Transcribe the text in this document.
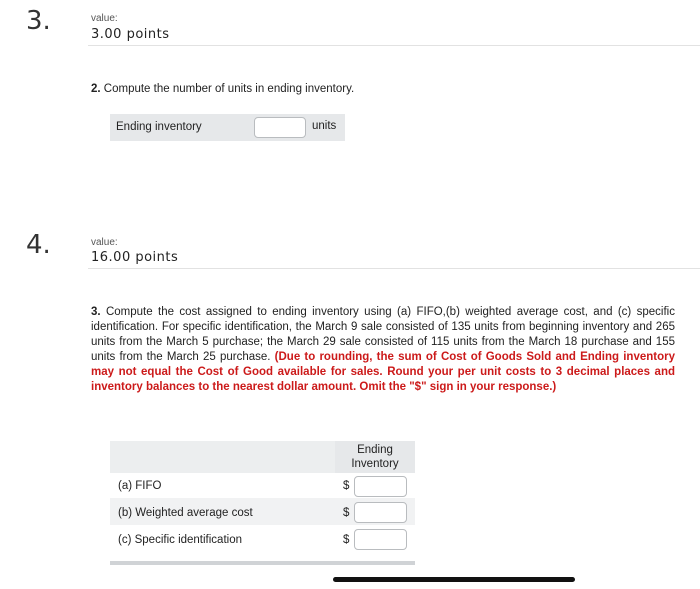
3.	value:
3.00 points
2. Compute the number of units in ending inventory.
Ending inventory	units
4.	value:
16.00 points
3. Compute the cost assigned to ending inventory using (a) FIFO,(b) weighted average cost, and (c) specific identification. For specific identification, the March 9 sale consisted of 135 units from beginning inventory and 265 units from the March 5 purchase; the March 29 sale consisted of 115 units from the March 18 purchase and 155 units from the March 25 purchase. (Due to rounding, the sum of Cost of Goods Sold and Ending inventory may not equal the Cost of Good available for sales. Round your per unit costs to 3 decimal places and inventory balances to the nearest dollar amount. Omit the "$" sign in your response.)
Ending
Inventory
(a) FIFO	$
(b) Weighted average cost	$
(c) Specific identification	$
